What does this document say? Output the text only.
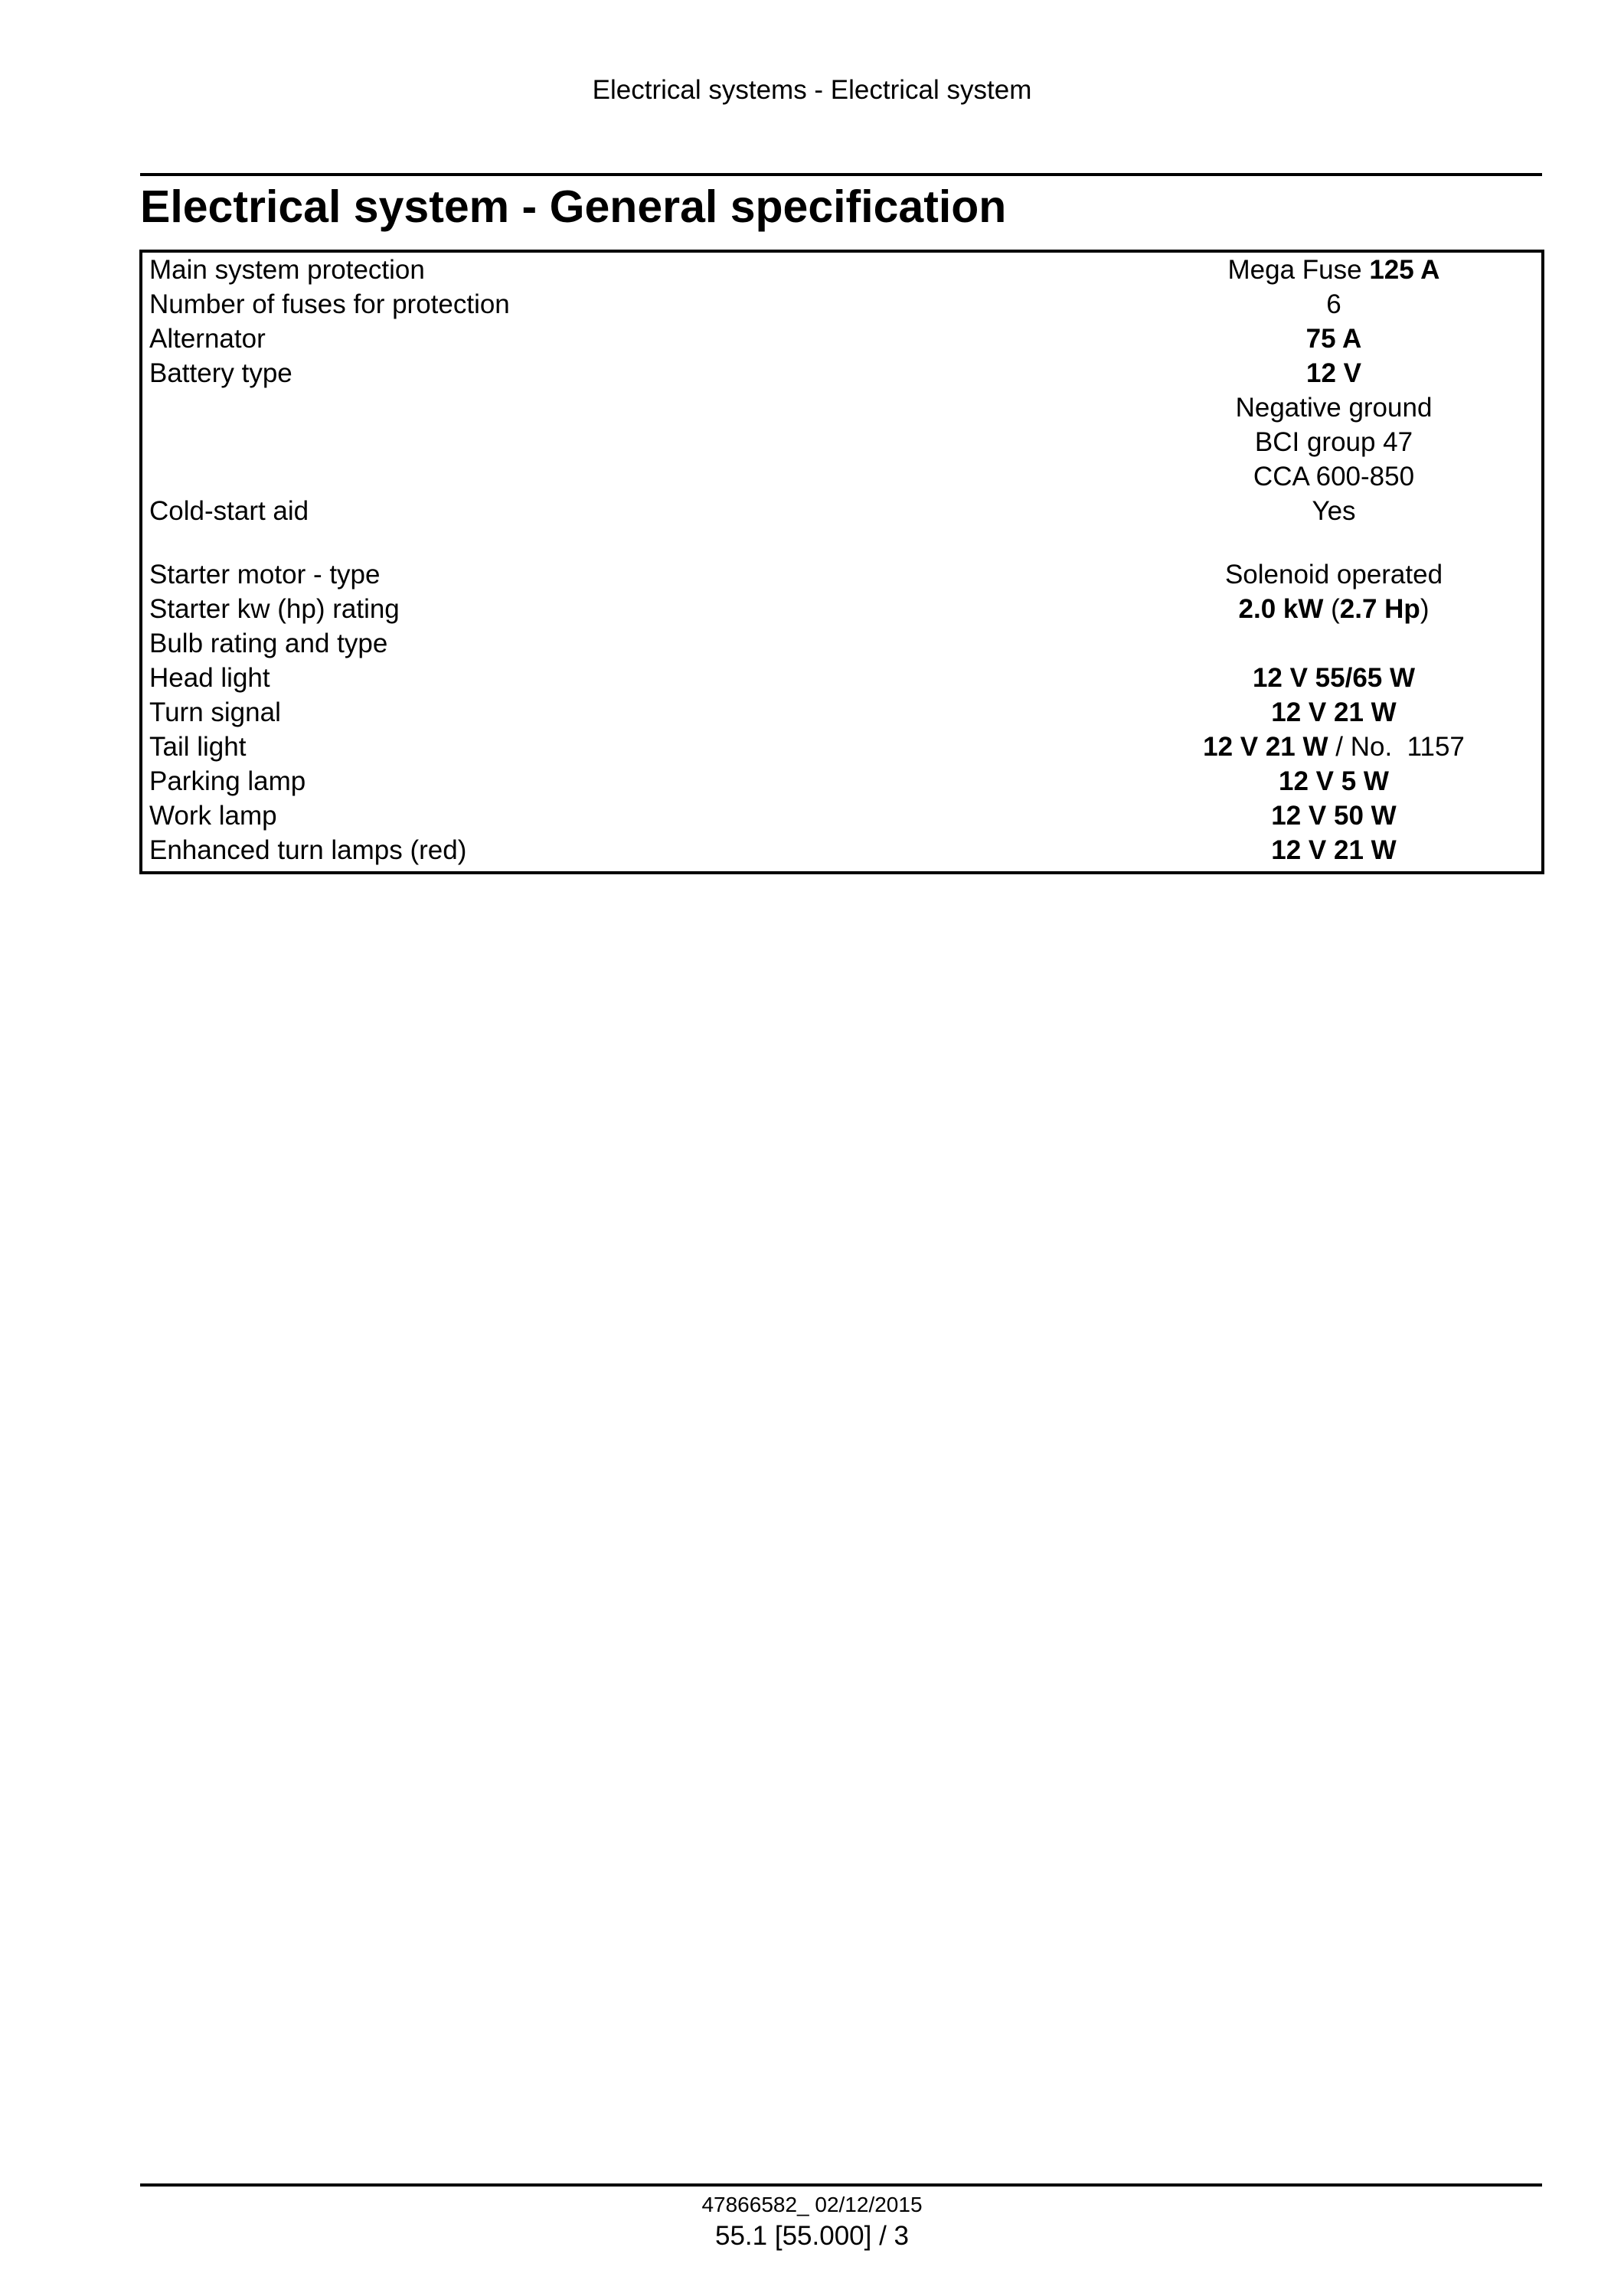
Electrical systems - Electrical system
Electrical system - General specification
Main system protection	Mega Fuse 125 A
Number of fuses for protection	6
Alternator	75 A
Battery type	12 V
Negative ground
BCI group 47
CCA 600-850
Cold-start aid	Yes
Starter motor - type	Solenoid operated
Starter kw (hp) rating	2.0 kW (2.7 Hp)
Bulb rating and type
Head light	12 V 55/65 W
Turn signal	12 V 21 W
Tail light	12 V 21 W / No.  1157
Parking lamp	12 V 5 W
Work lamp	12 V 50 W
Enhanced turn lamps (red)	12 V 21 W
47866582_ 02/12/2015
55.1 [55.000] / 3
